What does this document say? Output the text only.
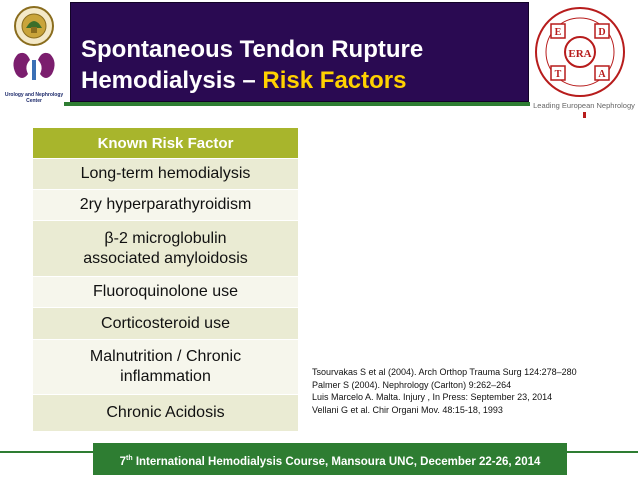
Urology and Nephrology Center
Spontaneous Tendon Rupture
Hemodialysis – Risk Factors
E	D
T	A
ERA
Leading European Nephrology
Known Risk Factor
Long-term hemodialysis
2ry hyperparathyroidism
β-2 microglobulin
associated amyloidosis
Fluoroquinolone use
Corticosteroid use
Malnutrition / Chronic
inflammation
Chronic Acidosis
Tsourvakas S et al (2004). Arch Orthop Trauma Surg 124:278–280
Palmer S (2004). Nephrology (Carlton) 9:262–264
Luis Marcelo A. Malta. Injury , In Press: September 23, 2014
Vellani G et al. Chir Organi Mov. 48:15-18, 1993
7th International Hemodialysis Course, Mansoura UNC, December 22-26, 2014
